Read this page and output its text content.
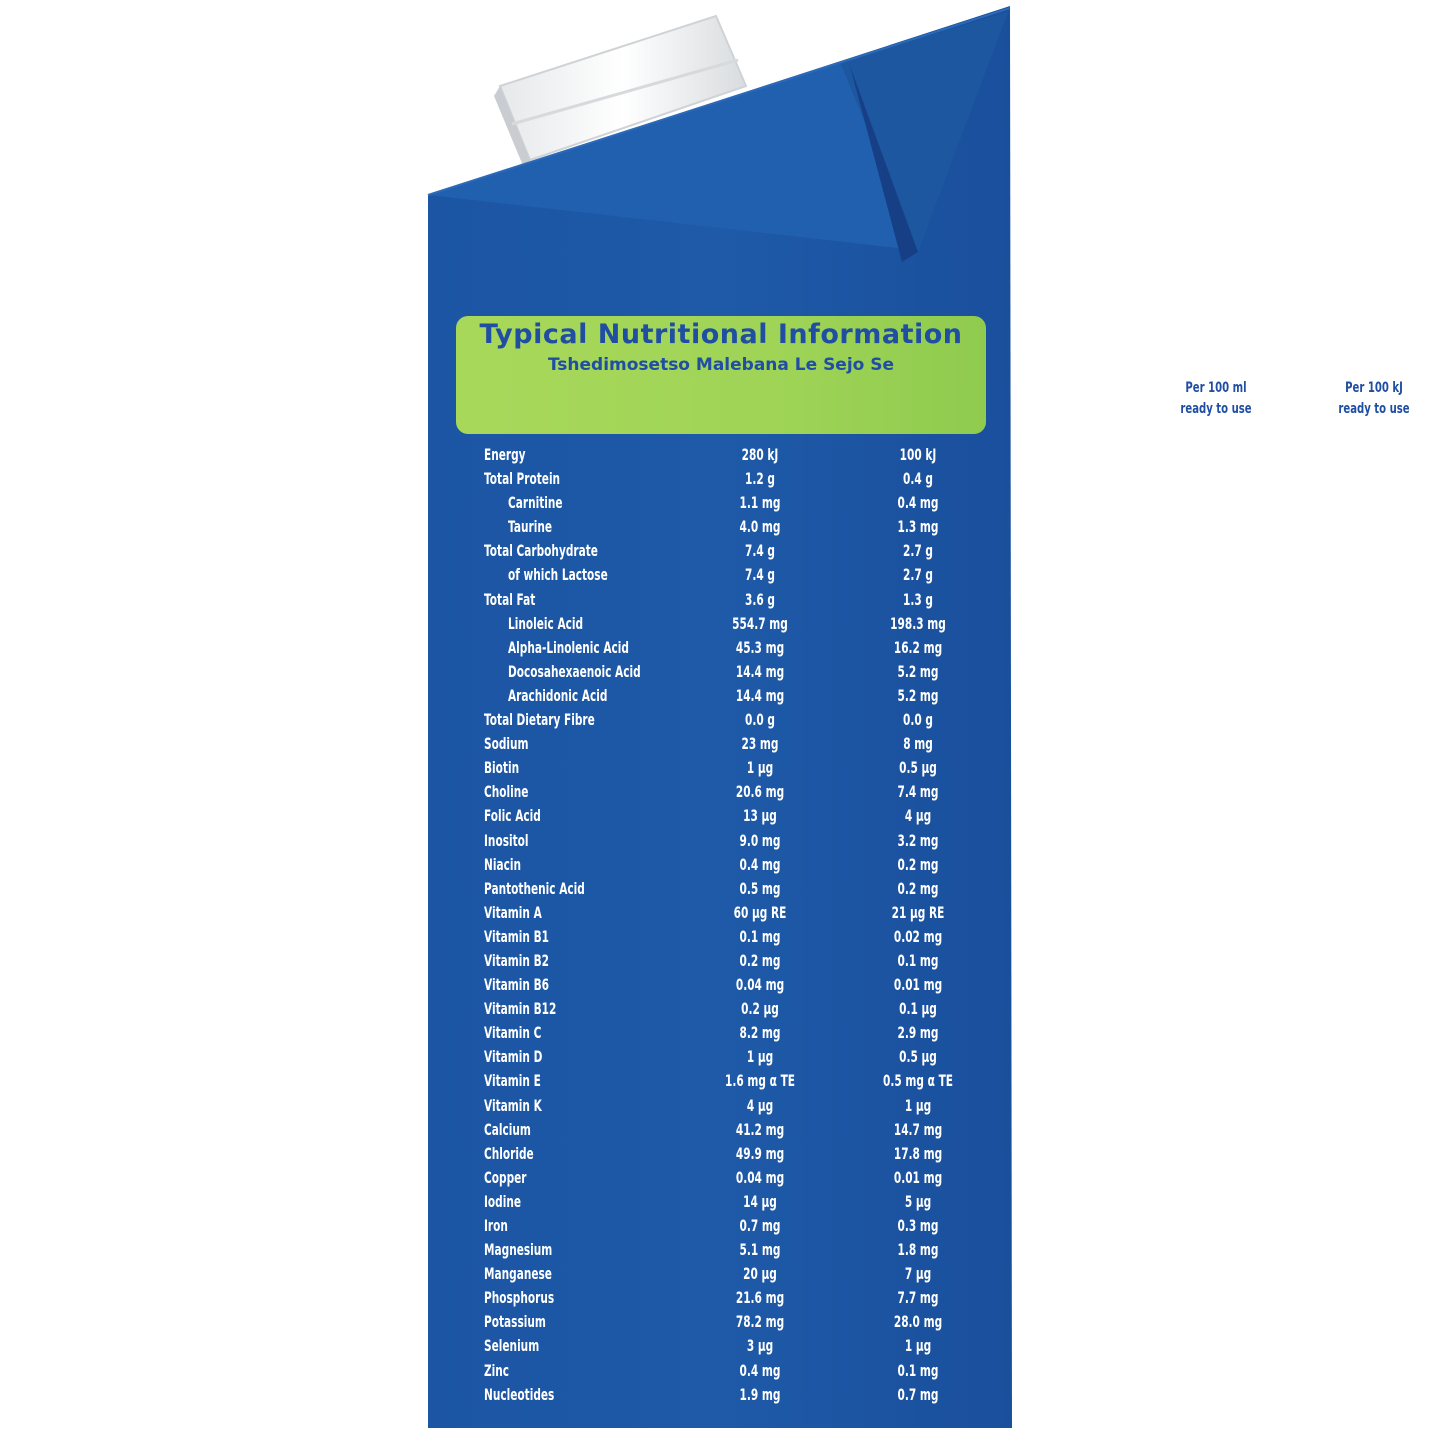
Typical Nutritional Information
Tshedimosetso Malebana Le Sejo Se
Per 100 ml
ready to use
Per 100 kJ
ready to use
Energy	280 kJ	100 kJ
Total Protein	1.2 g	0.4 g
Carnitine	1.1 mg	0.4 mg
Taurine	4.0 mg	1.3 mg
Total Carbohydrate	7.4 g	2.7 g
of which Lactose	7.4 g	2.7 g
Total Fat	3.6 g	1.3 g
Linoleic Acid	554.7 mg	198.3 mg
Alpha-Linolenic Acid	45.3 mg	16.2 mg
Docosahexaenoic Acid	14.4 mg	5.2 mg
Arachidonic Acid	14.4 mg	5.2 mg
Total Dietary Fibre	0.0 g	0.0 g
Sodium	23 mg	8 mg
Biotin	1 µg	0.5 µg
Choline	20.6 mg	7.4 mg
Folic Acid	13 µg	4 µg
Inositol	9.0 mg	3.2 mg
Niacin	0.4 mg	0.2 mg
Pantothenic Acid	0.5 mg	0.2 mg
Vitamin A	60 µg RE	21 µg RE
Vitamin B1	0.1 mg	0.02 mg
Vitamin B2	0.2 mg	0.1 mg
Vitamin B6	0.04 mg	0.01 mg
Vitamin B12	0.2 µg	0.1 µg
Vitamin C	8.2 mg	2.9 mg
Vitamin D	1 µg	0.5 µg
Vitamin E	1.6 mg α TE	0.5 mg α TE
Vitamin K	4 µg	1 µg
Calcium	41.2 mg	14.7 mg
Chloride	49.9 mg	17.8 mg
Copper	0.04 mg	0.01 mg
Iodine	14 µg	5 µg
Iron	0.7 mg	0.3 mg
Magnesium	5.1 mg	1.8 mg
Manganese	20 µg	7 µg
Phosphorus	21.6 mg	7.7 mg
Potassium	78.2 mg	28.0 mg
Selenium	3 µg	1 µg
Zinc	0.4 mg	0.1 mg
Nucleotides	1.9 mg	0.7 mg
